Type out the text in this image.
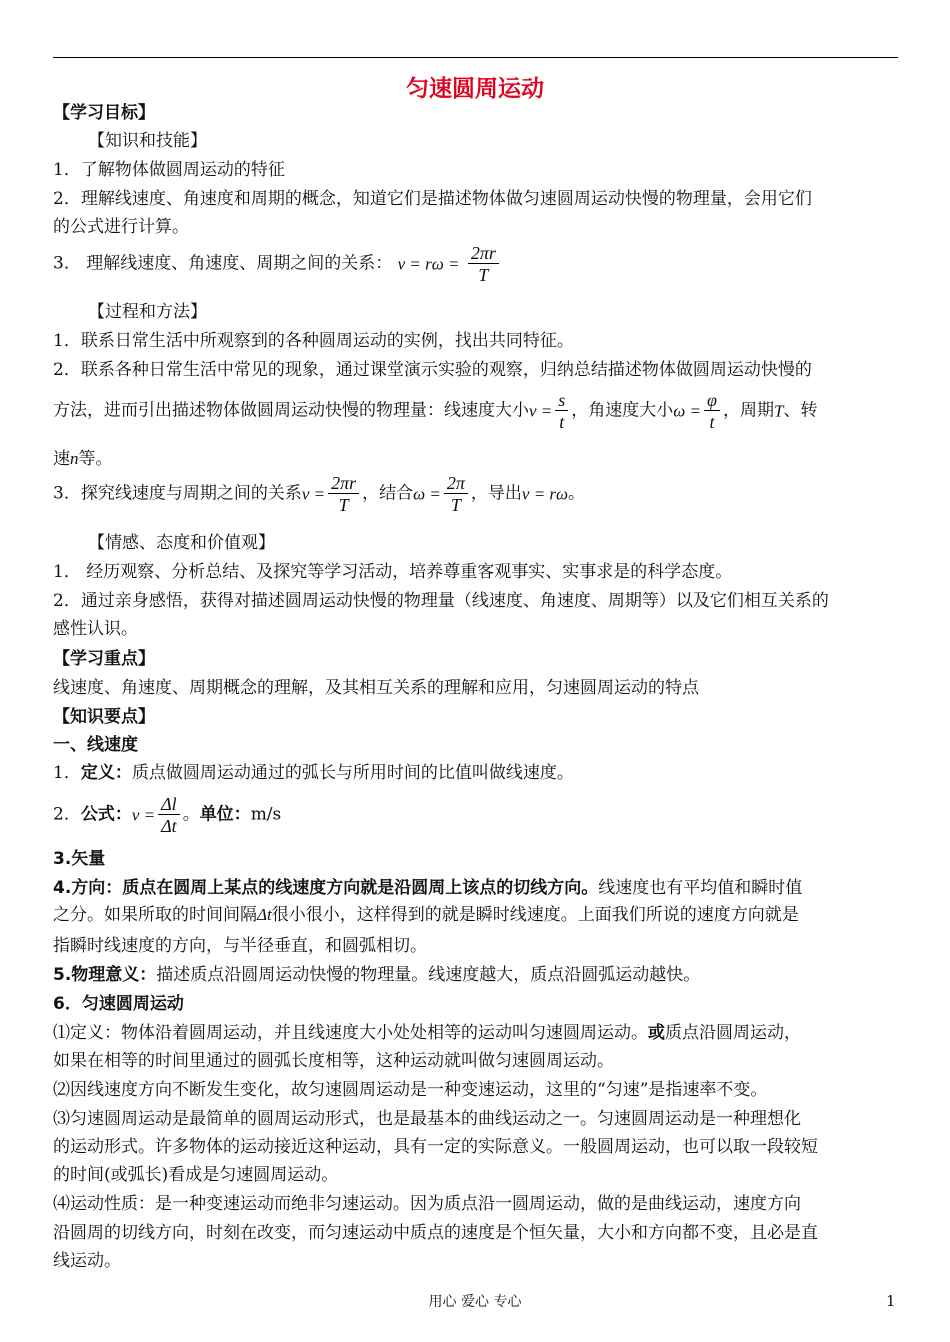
匀速圆周运动
【学习目标】
【知识和技能】
1．了解物体做圆周运动的特征
2．理解线速度、角速度和周期的概念，知道它们是描述物体做匀速圆周运动快慢的物理量，会用它们
的公式进行计算。
3． 理解线速度、角速度、周期之间的关系： $v = r\omega = \frac{2\pi r}{T}$
【过程和方法】
1．联系日常生活中所观察到的各种圆周运动的实例，找出共同特征。
2．联系各种日常生活中常见的现象，通过课堂演示实验的观察，归纳总结描述物体做圆周运动快慢的
方法，进而引出描述物体做圆周运动快慢的物理量：线速度大小$v = \frac{s}{t}$ ，角速度大小$\omega = \frac{\varphi}{t}$ ，周期T、转
速n等。
3．探究线速度与周期之间的关系$v = \frac{2\pi r}{T}$ ，结合$\omega = \frac{2\pi}{T}$ ，导出v = rω。
【情感、态度和价值观】
1． 经历观察、分析总结、及探究等学习活动，培养尊重客观事实、实事求是的科学态度。
2．通过亲身感悟，获得对描述圆周运动快慢的物理量（线速度、角速度、周期等）以及它们相互关系的
感性认识。
【学习重点】
线速度、角速度、周期概念的理解，及其相互关系的理解和应用，匀速圆周运动的特点
【知识要点】
一、线速度
1．定义：质点做圆周运动通过的弧长与所用时间的比值叫做线速度。
2．公式：$v = \frac{\Delta l}{\Delta t}$ 。单位：m/s
3.矢量
4.方向：质点在圆周上某点的线速度方向就是沿圆周上该点的切线方向。线速度也有平均值和瞬时值
之分。如果所取的时间间隔Δt很小很小，这样得到的就是瞬时线速度。上面我们所说的速度方向就是
指瞬时线速度的方向，与半径垂直，和圆弧相切。
5.物理意义：描述质点沿圆周运动快慢的物理量。线速度越大，质点沿圆弧运动越快。
6．匀速圆周运动
⑴定义：物体沿着圆周运动，并且线速度大小处处相等的运动叫匀速圆周运动。或质点沿圆周运动，
如果在相等的时间里通过的圆弧长度相等，这种运动就叫做匀速圆周运动。
⑵因线速度方向不断发生变化，故匀速圆周运动是一种变速运动，这里的“匀速”是指速率不变。
⑶匀速圆周运动是最简单的圆周运动形式，也是最基本的曲线运动之一。匀速圆周运动是一种理想化
的运动形式。许多物体的运动接近这种运动，具有一定的实际意义。一般圆周运动，也可以取一段较短
的时间(或弧长)看成是匀速圆周运动。
⑷运动性质：是一种变速运动而绝非匀速运动。因为质点沿一圆周运动，做的是曲线运动，速度方向
沿圆周的切线方向，时刻在改变，而匀速运动中质点的速度是个恒矢量，大小和方向都不变，且必是直
线运动。
用心 爱心 专心	1
